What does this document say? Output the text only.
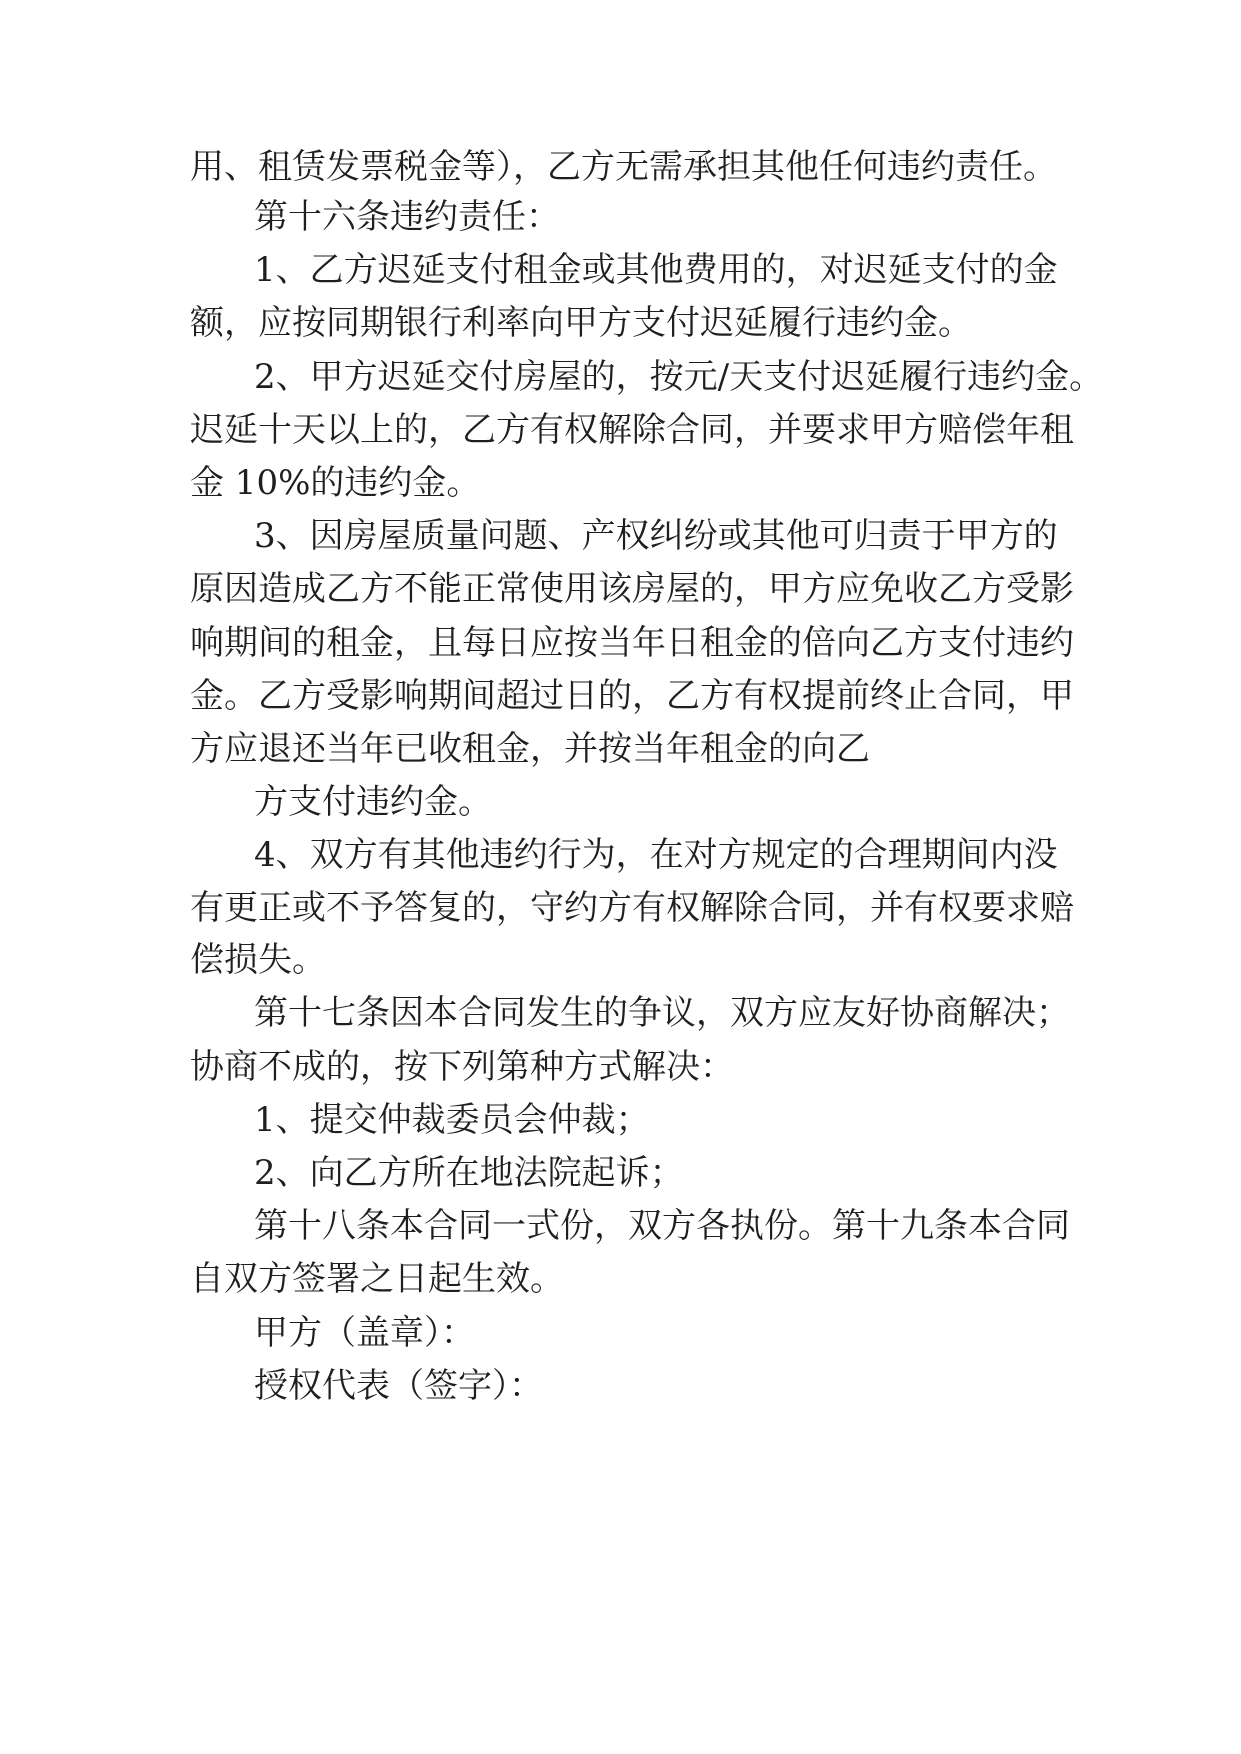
用、租赁发票税金等），乙方无需承担其他任何违约责任。

第十六条违约责任：

1、乙方迟延支付租金或其他费用的，对迟延支付的金

额，应按同期银行利率向甲方支付迟延履行违约金。

2、甲方迟延交付房屋的，按元/天支付迟延履行违约金。

迟延十天以上的，乙方有权解除合同，并要求甲方赔偿年租

金 10%的违约金。

3、因房屋质量问题、产权纠纷或其他可归责于甲方的

原因造成乙方不能正常使用该房屋的，甲方应免收乙方受影

响期间的租金，且每日应按当年日租金的倍向乙方支付违约

金。乙方受影响期间超过日的，乙方有权提前终止合同，甲

方应退还当年已收租金，并按当年租金的向乙

方支付违约金。

4、双方有其他违约行为，在对方规定的合理期间内没

有更正或不予答复的，守约方有权解除合同，并有权要求赔

偿损失。

第十七条因本合同发生的争议，双方应友好协商解决；

协商不成的，按下列第种方式解决：

1、提交仲裁委员会仲裁；

2、向乙方所在地法院起诉；

第十八条本合同一式份，双方各执份。第十九条本合同

自双方签署之日起生效。

甲方（盖章）：

授权代表（签字）：
